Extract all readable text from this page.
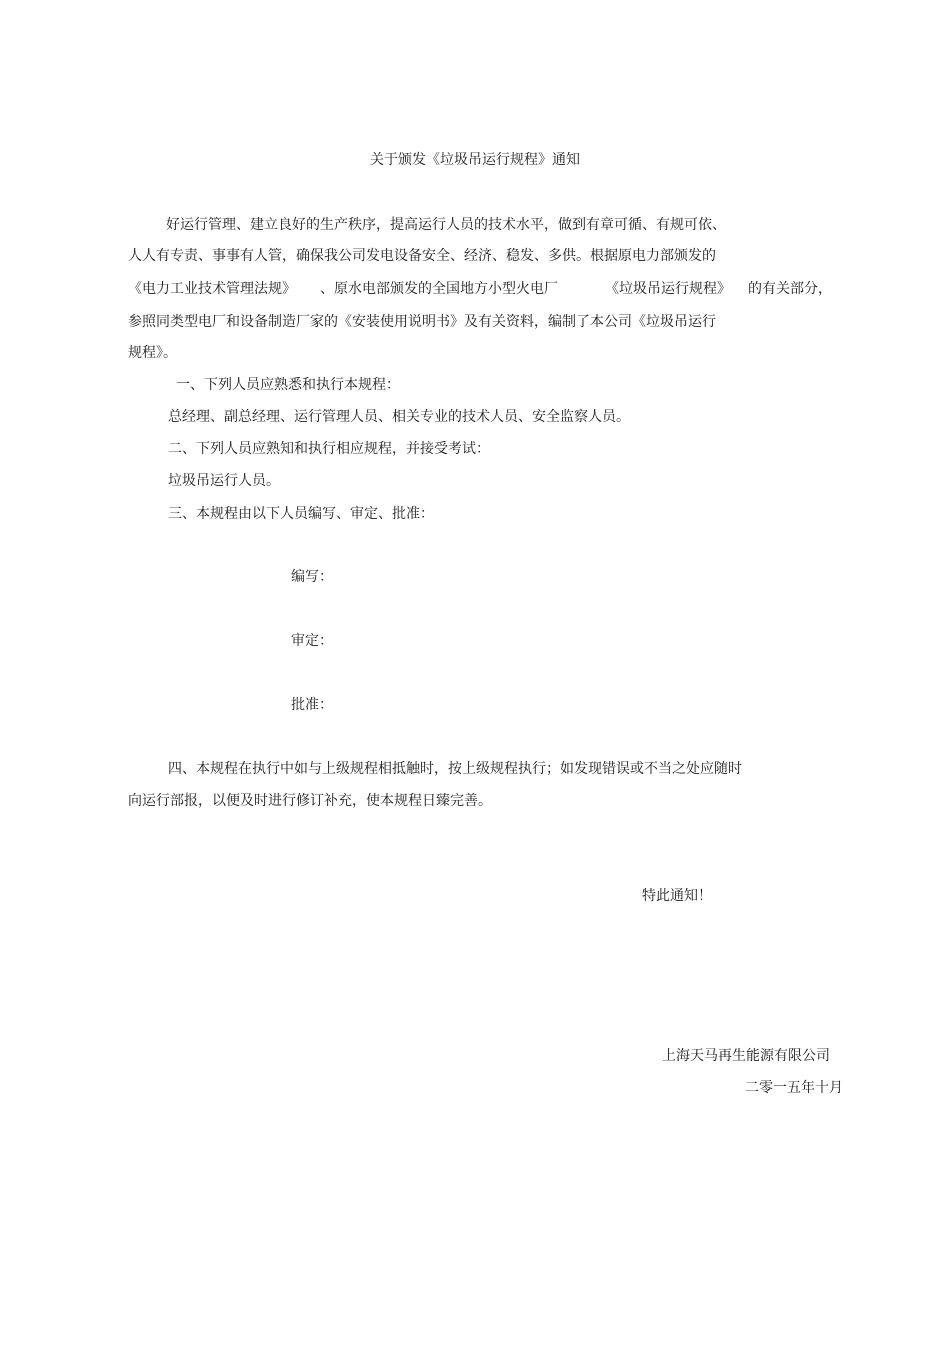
关于颁发《垃圾吊运行规程》通知

好运行管理、建立良好的生产秩序，提高运行人员的技术水平，做到有章可循、有规可依、

人人有专责、事事有人管，确保我公司发电设备安全、经济、稳发、多供。根据原电力部颁发的

《电力工业技术管理法规》 、原水电部颁发的全国地方小型火电厂	《垃圾吊运行规程》 的有关部分，

参照同类型电厂和设备制造厂家的《安装使用说明书》及有关资料，编制了本公司《垃圾吊运行

规程》。

一、下列人员应熟悉和执行本规程：

总经理、副总经理、运行管理人员、相关专业的技术人员、安全监察人员。

二、下列人员应熟知和执行相应规程，并接受考试：

垃圾吊运行人员。

三、本规程由以下人员编写、审定、批准：

编写：

审定：

批准：

四、本规程在执行中如与上级规程相抵触时，按上级规程执行；如发现错误或不当之处应随时

向运行部报，以便及时进行修订补充，使本规程日臻完善。

特此通知！

上海天马再生能源有限公司

二零一五年十月
